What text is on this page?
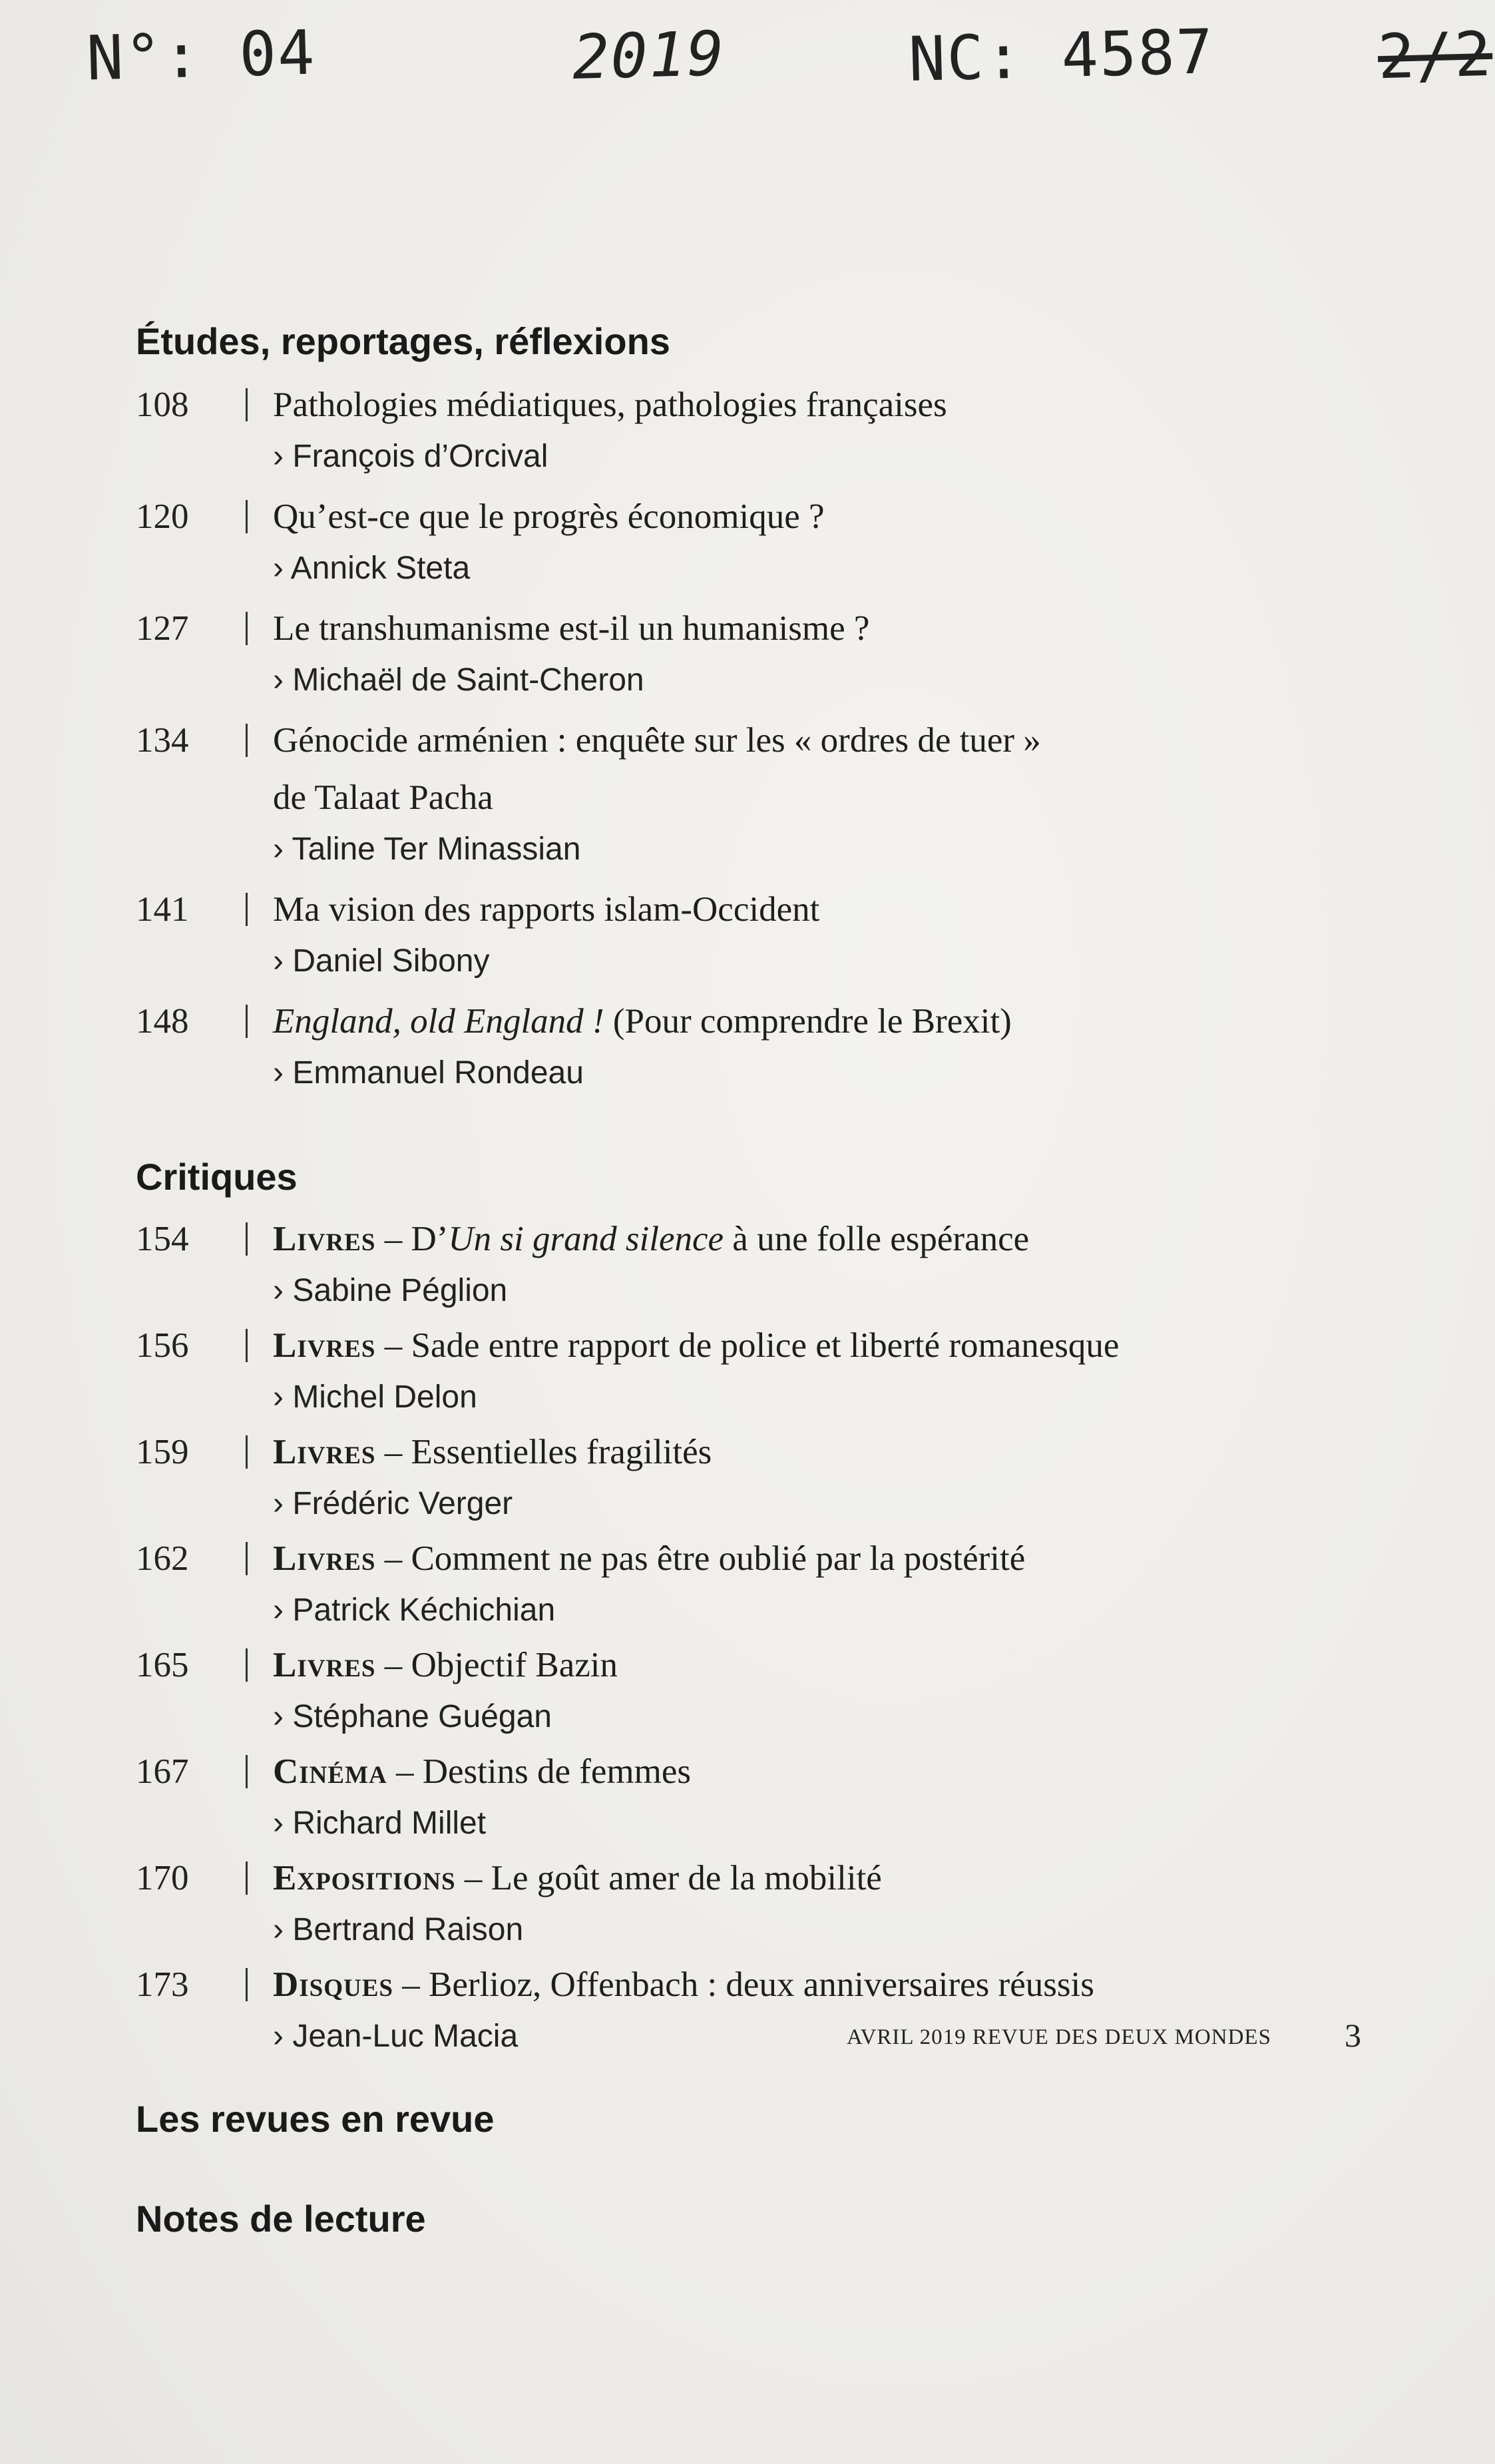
N°: 04	2019	NC: 4587	2/2
Études, reportages, réflexions
108	Pathologies médiatiques, pathologies françaises
› François d’Orcival
120	Qu’est-ce que le progrès économique ?
› Annick Steta
127	Le transhumanisme est-il un humanisme ?
› Michaël de Saint-Cheron
134	Génocide arménien : enquête sur les « ordres de tuer »
de Talaat Pacha
› Taline Ter Minassian
141	Ma vision des rapports islam-Occident
› Daniel Sibony
148	England, old England ! (Pour comprendre le Brexit)
› Emmanuel Rondeau
Critiques
154	Livres – D’Un si grand silence à une folle espérance
› Sabine Péglion
156	Livres – Sade entre rapport de police et liberté romanesque
› Michel Delon
159	Livres – Essentielles fragilités
› Frédéric Verger
162	Livres – Comment ne pas être oublié par la postérité
› Patrick Kéchichian
165	Livres – Objectif Bazin
› Stéphane Guégan
167	Cinéma – Destins de femmes
› Richard Millet
170	Expositions – Le goût amer de la mobilité
› Bertrand Raison
173	Disques – Berlioz, Offenbach : deux anniversaires réussis
› Jean-Luc Macia
Les revues en revue
Notes de lecture
AVRIL 2019 REVUE DES DEUX MONDES 3
